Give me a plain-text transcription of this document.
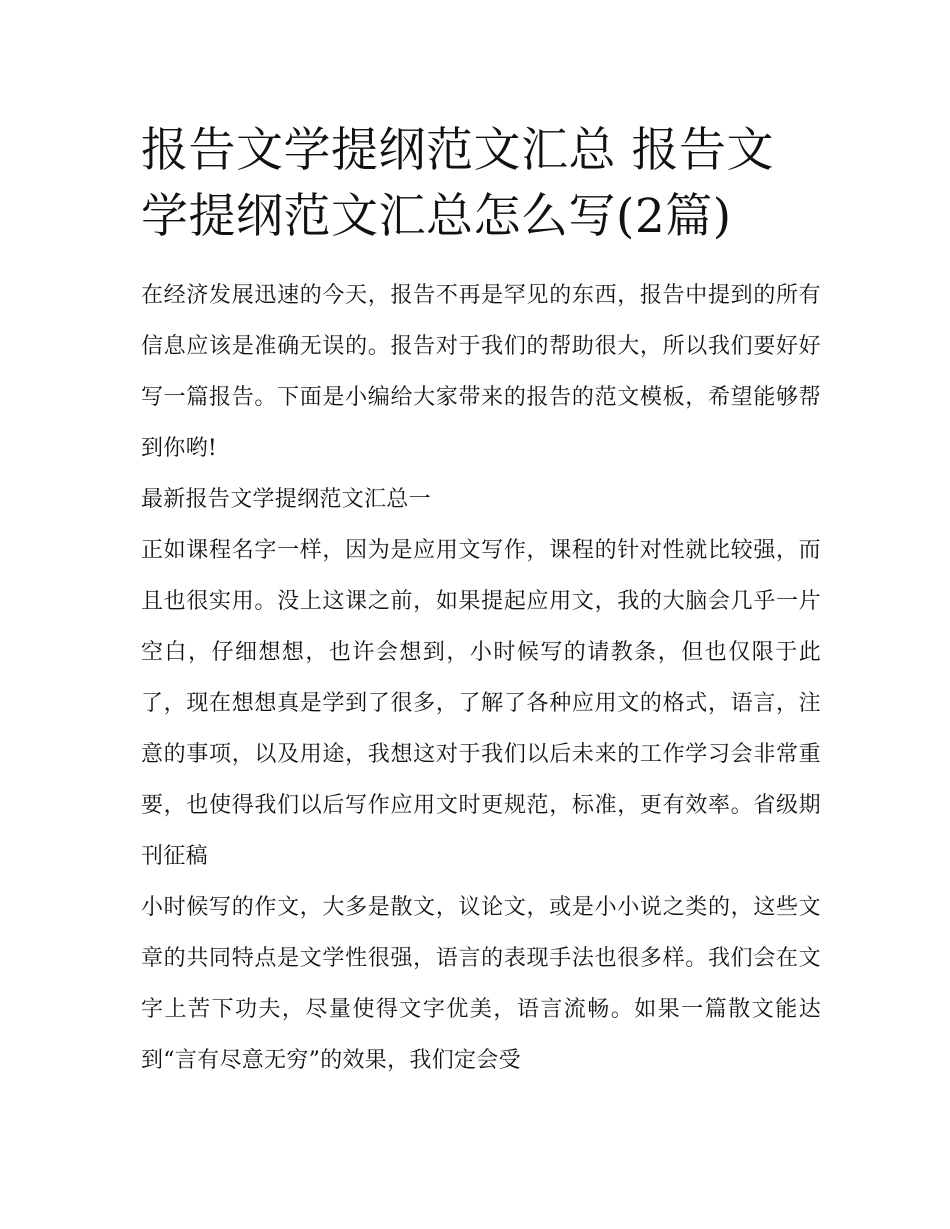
报告文学提纲范文汇总 报告文学提纲范文汇总怎么写(2篇)

在经济发展迅速的今天，报告不再是罕见的东西，报告中提到的所有信息应该是准确无误的。报告对于我们的帮助很大，所以我们要好好写一篇报告。下面是小编给大家带来的报告的范文模板，希望能够帮到你哟!

最新报告文学提纲范文汇总一

正如课程名字一样，因为是应用文写作，课程的针对性就比较强，而且也很实用。没上这课之前，如果提起应用文，我的大脑会几乎一片空白，仔细想想，也许会想到，小时候写的请教条，但也仅限于此了，现在想想真是学到了很多，了解了各种应用文的格式，语言，注意的事项，以及用途，我想这对于我们以后未来的工作学习会非常重要，也使得我们以后写作应用文时更规范，标准，更有效率。省级期刊征稿

小时候写的作文，大多是散文，议论文，或是小小说之类的，这些文章的共同特点是文学性很强，语言的表现手法也很多样。我们会在文字上苦下功夫，尽量使得文字优美，语言流畅。如果一篇散文能达到“言有尽意无穷”的效果，我们定会受
